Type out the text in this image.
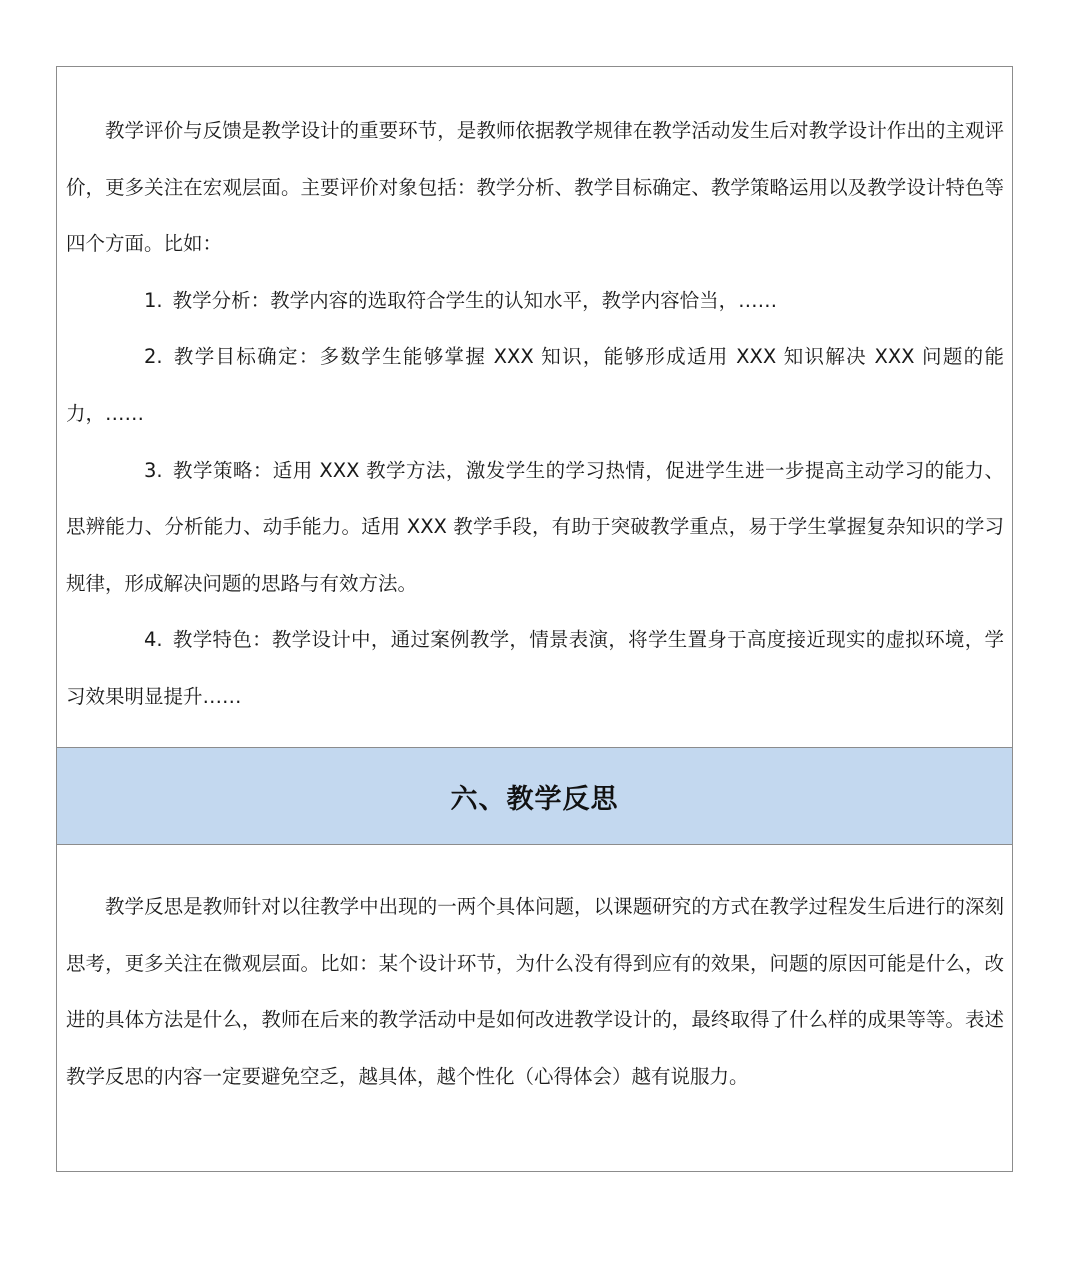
教学评价与反馈是教学设计的重要环节，是教师依据教学规律在教学活动发生后对教学设计作出的主观评价，更多关注在宏观层面。主要评价对象包括：教学分析、教学目标确定、教学策略运用以及教学设计特色等四个方面。比如：

1. 教学分析：教学内容的选取符合学生的认知水平，教学内容恰当，……

2. 教学目标确定：多数学生能够掌握 XXX 知识，能够形成适用 XXX 知识解决 XXX 问题的能力，……

3. 教学策略：适用 XXX 教学方法，激发学生的学习热情，促进学生进一步提高主动学习的能力、思辨能力、分析能力、动手能力。适用 XXX 教学手段，有助于突破教学重点，易于学生掌握复杂知识的学习规律，形成解决问题的思路与有效方法。

4. 教学特色：教学设计中，通过案例教学，情景表演，将学生置身于高度接近现实的虚拟环境，学习效果明显提升……

六、教学反思

教学反思是教师针对以往教学中出现的一两个具体问题，以课题研究的方式在教学过程发生后进行的深刻思考，更多关注在微观层面。比如：某个设计环节，为什么没有得到应有的效果，问题的原因可能是什么，改进的具体方法是什么，教师在后来的教学活动中是如何改进教学设计的，最终取得了什么样的成果等等。表述教学反思的内容一定要避免空乏，越具体，越个性化（心得体会）越有说服力。
